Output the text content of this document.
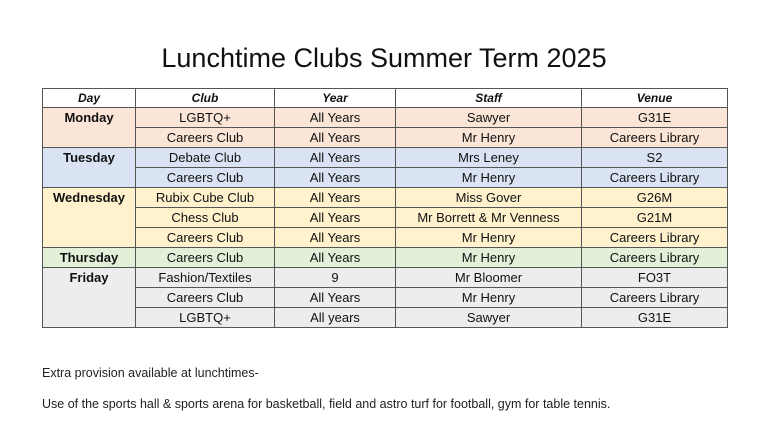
Lunchtime Clubs Summer Term 2025
Day	Club	Year	Staff	Venue
Monday	LGBTQ+	All Years	Sawyer	G31E
	Careers Club	All Years	Mr Henry	Careers Library
Tuesday	Debate Club	All Years	Mrs Leney	S2
	Careers Club	All Years	Mr Henry	Careers Library
Wednesday	Rubix Cube Club	All Years	Miss Gover	G26M
	Chess Club	All Years	Mr Borrett & Mr Venness	G21M
	Careers Club	All Years	Mr Henry	Careers Library
Thursday	Careers Club	All Years	Mr Henry	Careers Library
Friday	Fashion/Textiles	9	Mr Bloomer	FO3T
	Careers Club	All Years	Mr Henry	Careers Library
	LGBTQ+	All years	Sawyer	G31E
Extra provision available at lunchtimes-
Use of the sports hall & sports arena for basketball, field and astro turf for football, gym for table tennis.
